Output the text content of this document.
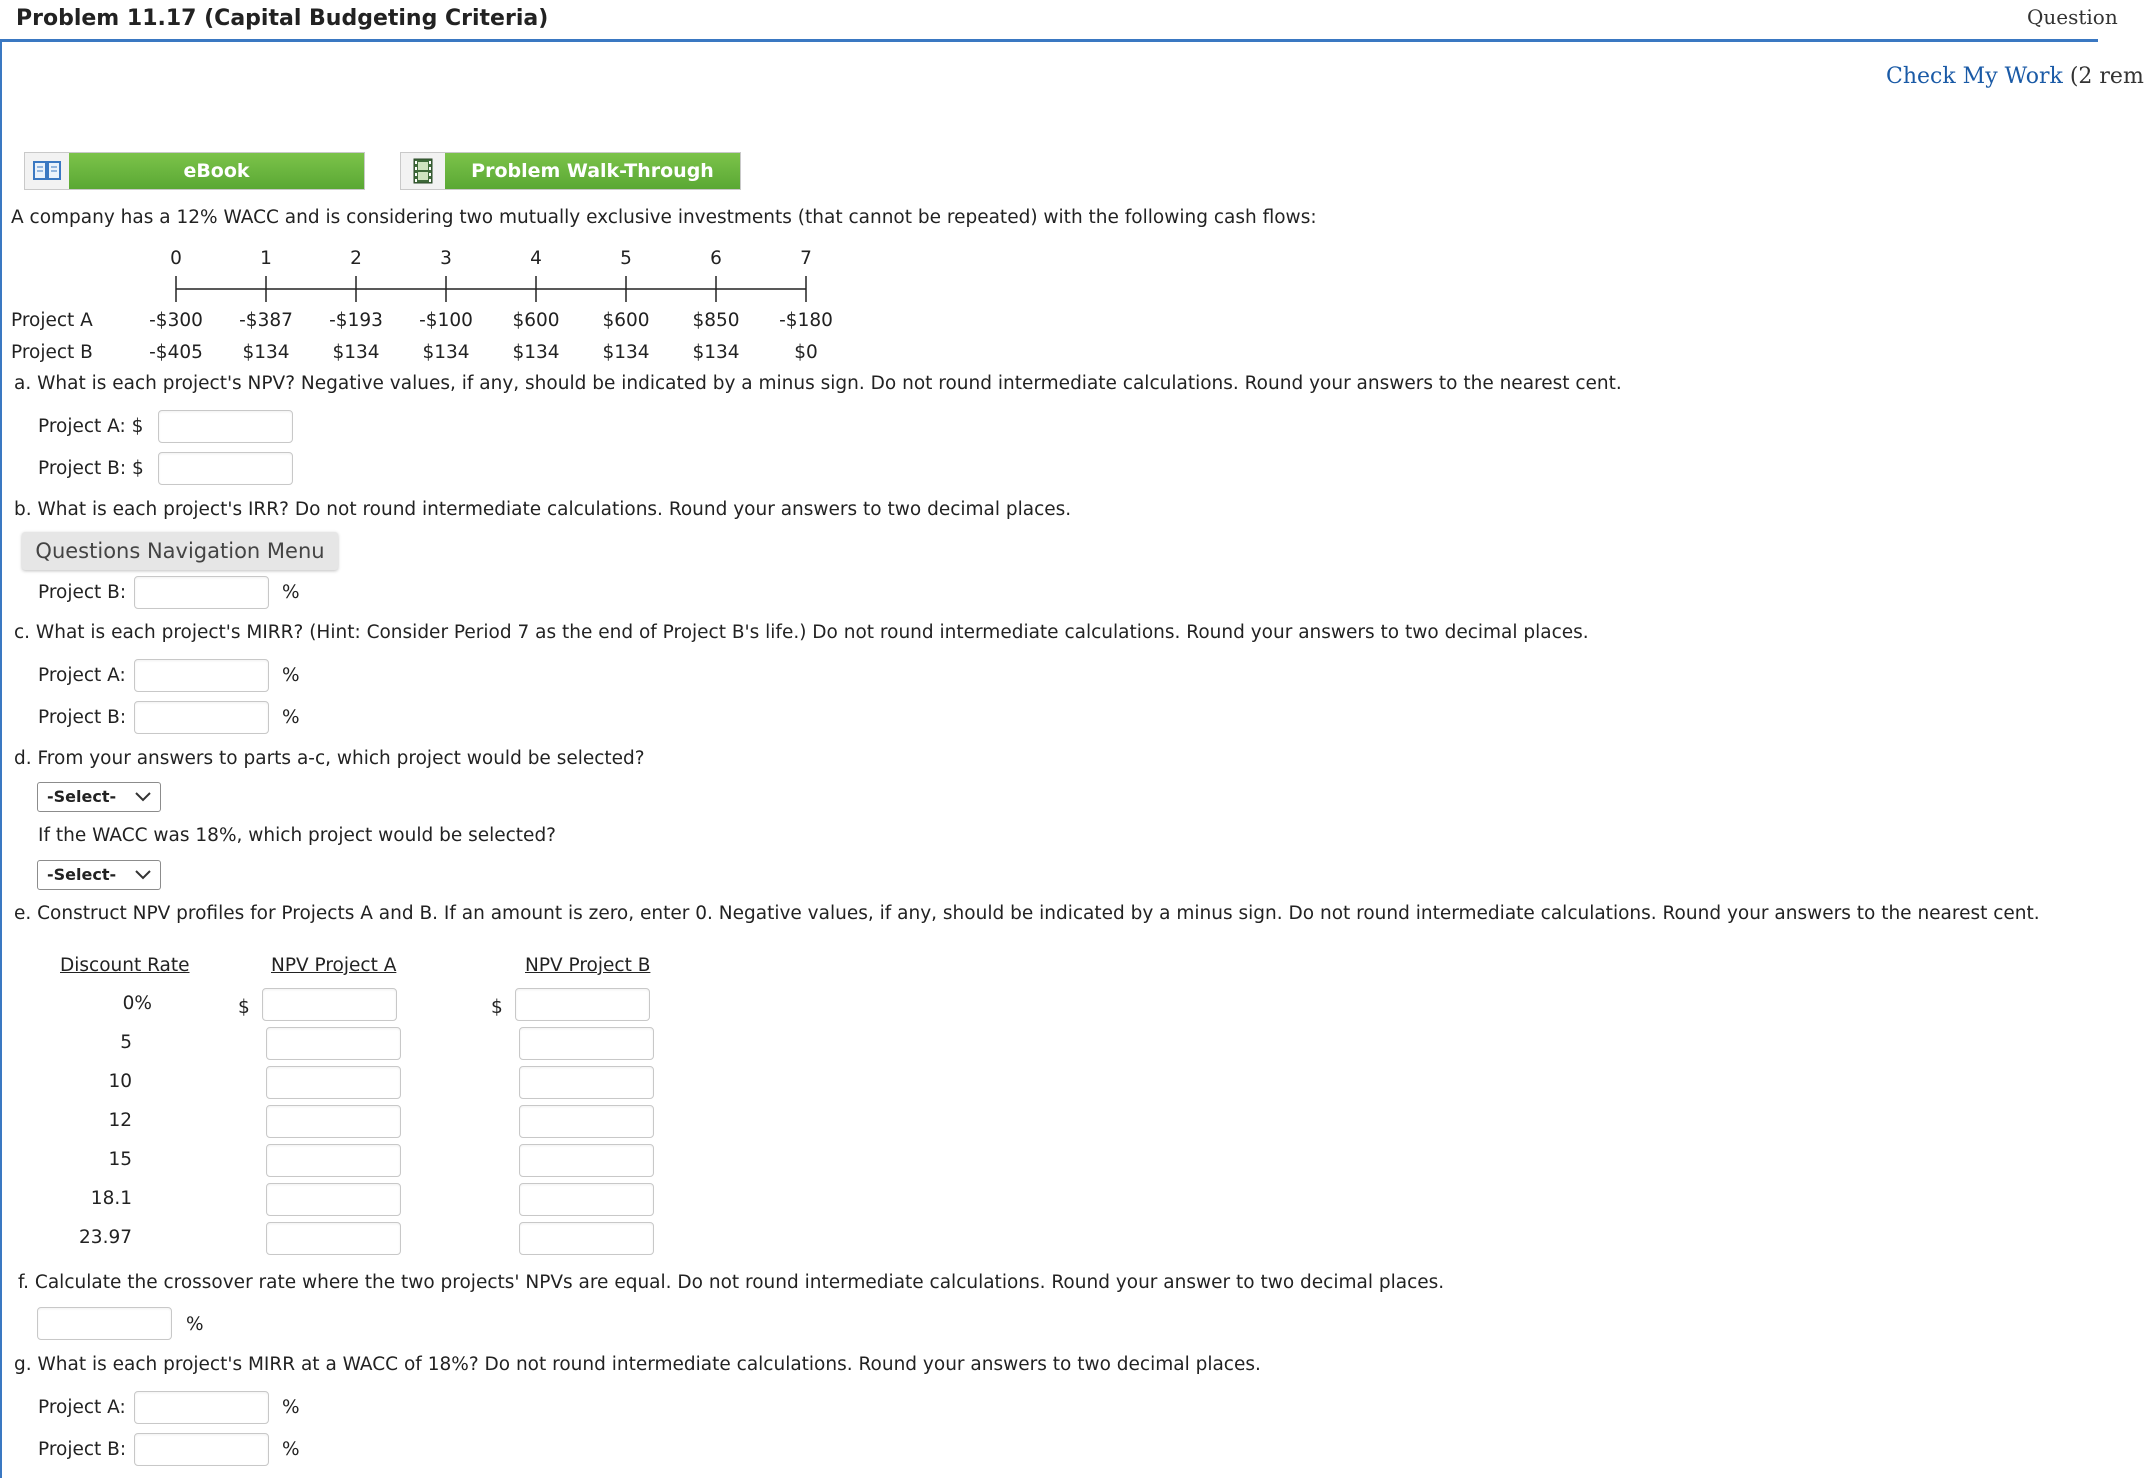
Problem 11.17 (Capital Budgeting Criteria)	Question
Check My Work (2 rem
eBook	Problem Walk-Through
A company has a 12% WACC and is considering two mutually exclusive investments (that cannot be repeated) with the following cash flows:
0	1	2	3	4	5	6	7
Project A	-$300 -$387 -$193 -$100 $600 $600 $850 -$180
Project B	-$405 $134 $134 $134 $134 $134 $134	$0
a. What is each project's NPV? Negative values, if any, should be indicated by a minus sign. Do not round intermediate calculations. Round your answers to the nearest cent.
Project A: $
Project B: $
b. What is each project's IRR? Do not round intermediate calculations. Round your answers to two decimal places.
Questions Navigation Menu
Project B:	%
c. What is each project's MIRR? (Hint: Consider Period 7 as the end of Project B's life.) Do not round intermediate calculations. Round your answers to two decimal places.
Project A:	%
Project B:	%
d. From your answers to parts a-c, which project would be selected?
-Select-
If the WACC was 18%, which project would be selected?
-Select-
e. Construct NPV profiles for Projects A and B. If an amount is zero, enter 0. Negative values, if any, should be indicated by a minus sign. Do not round intermediate calculations. Round your answers to the nearest cent.
Discount Rate	NPV Project A	NPV Project B
0%	$	$
5
10
12
15
18.1
23.97
f. Calculate the crossover rate where the two projects' NPVs are equal. Do not round intermediate calculations. Round your answer to two decimal places.
%
g. What is each project's MIRR at a WACC of 18%? Do not round intermediate calculations. Round your answers to two decimal places.
Project A:	%
Project B:	%
